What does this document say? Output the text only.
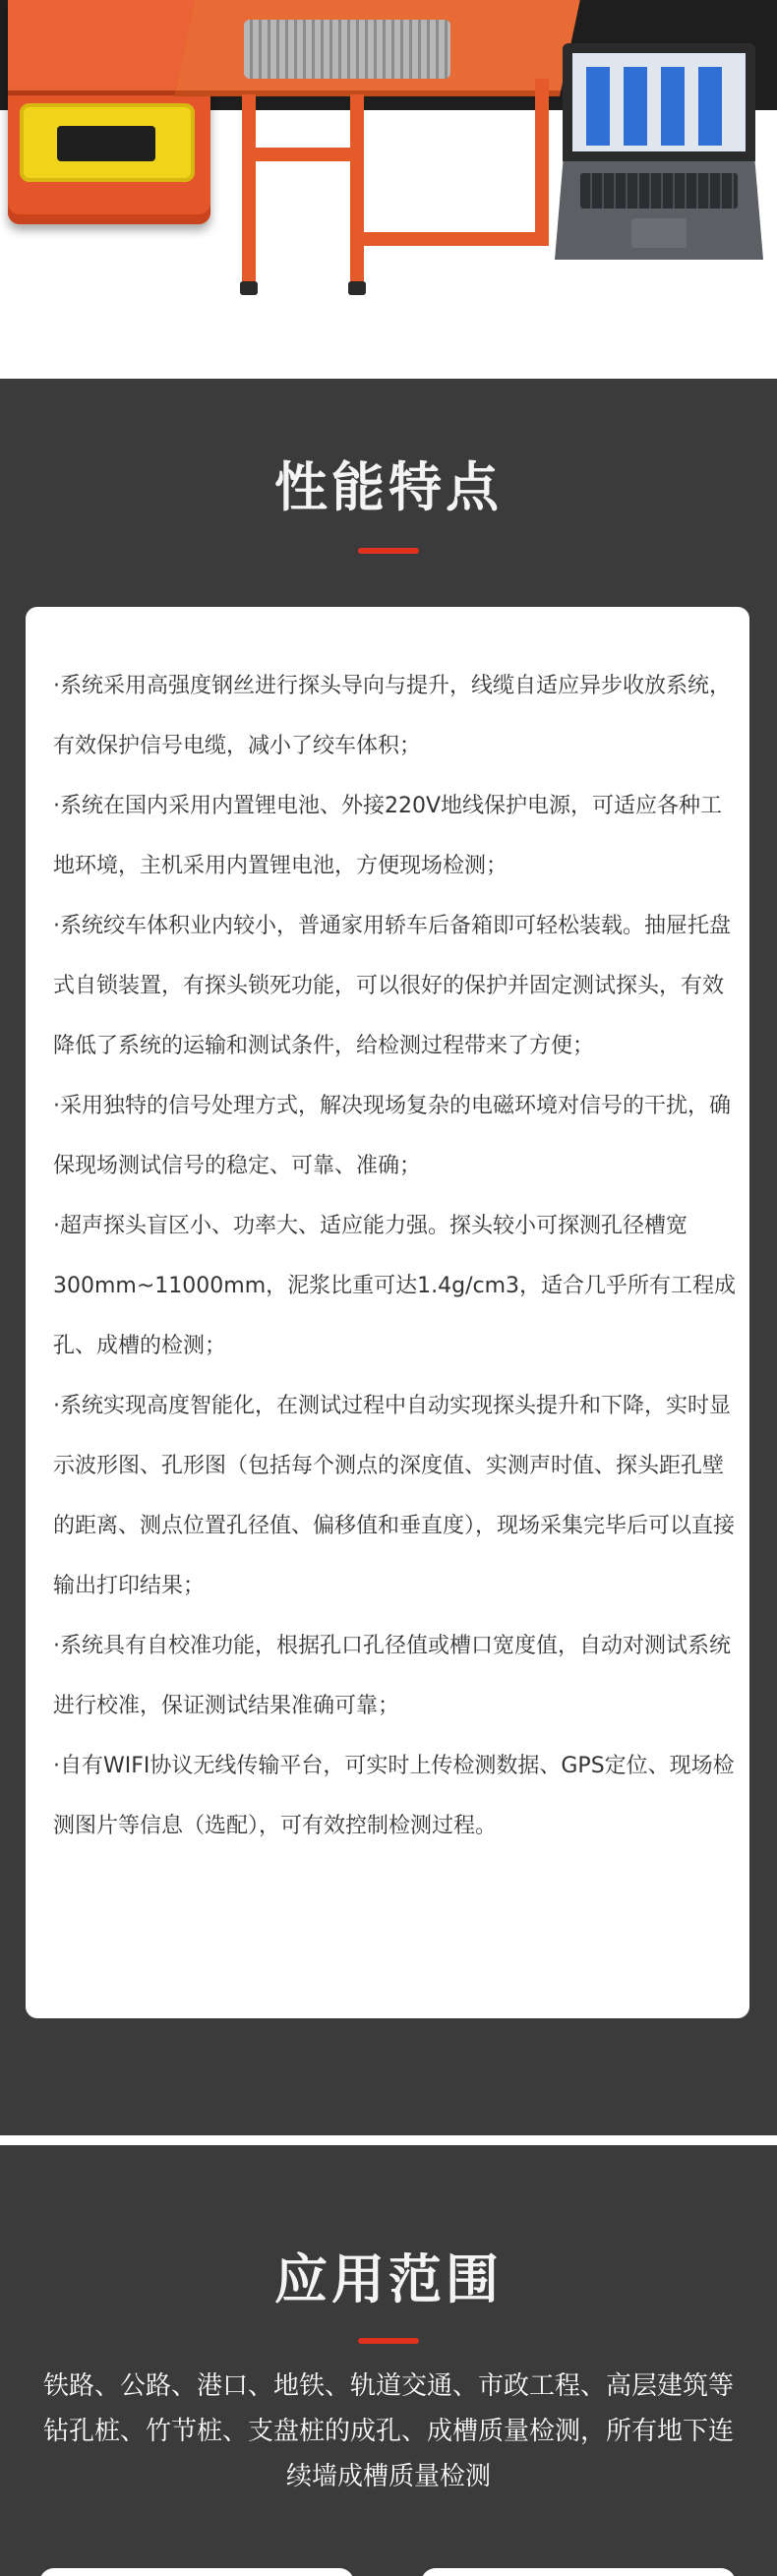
性能特点

·系统采用高强度钢丝进行探头导向与提升，线缆自适应异步收放系统，有效保护信号电缆，减小了绞车体积；

·系统在国内采用内置锂电池、外接220V地线保护电源，可适应各种工地环境，主机采用内置锂电池，方便现场检测；

·系统绞车体积业内较小，普通家用轿车后备箱即可轻松装载。抽屉托盘式自锁装置，有探头锁死功能，可以很好的保护并固定测试探头，有效降低了系统的运输和测试条件，给检测过程带来了方便；

·采用独特的信号处理方式，解决现场复杂的电磁环境对信号的干扰，确保现场测试信号的稳定、可靠、准确；

·超声探头盲区小、功率大、适应能力强。探头较小可探测孔径槽宽300mm~11000mm，泥浆比重可达1.4g/cm3，适合几乎所有工程成孔、成槽的检测；

·系统实现高度智能化，在测试过程中自动实现探头提升和下降，实时显示波形图、孔形图（包括每个测点的深度值、实测声时值、探头距孔壁的距离、测点位置孔径值、偏移值和垂直度），现场采集完毕后可以直接输出打印结果；

·系统具有自校准功能，根据孔口孔径值或槽口宽度值，自动对测试系统进行校准，保证测试结果准确可靠；

·自有WIFI协议无线传输平台，可实时上传检测数据、GPS定位、现场检测图片等信息（选配），可有效控制检测过程。

应用范围

铁路、公路、港口、地铁、轨道交通、市政工程、高层建筑等钻孔桩、竹节桩、支盘桩的成孔、成槽质量检测，所有地下连续墙成槽质量检测
